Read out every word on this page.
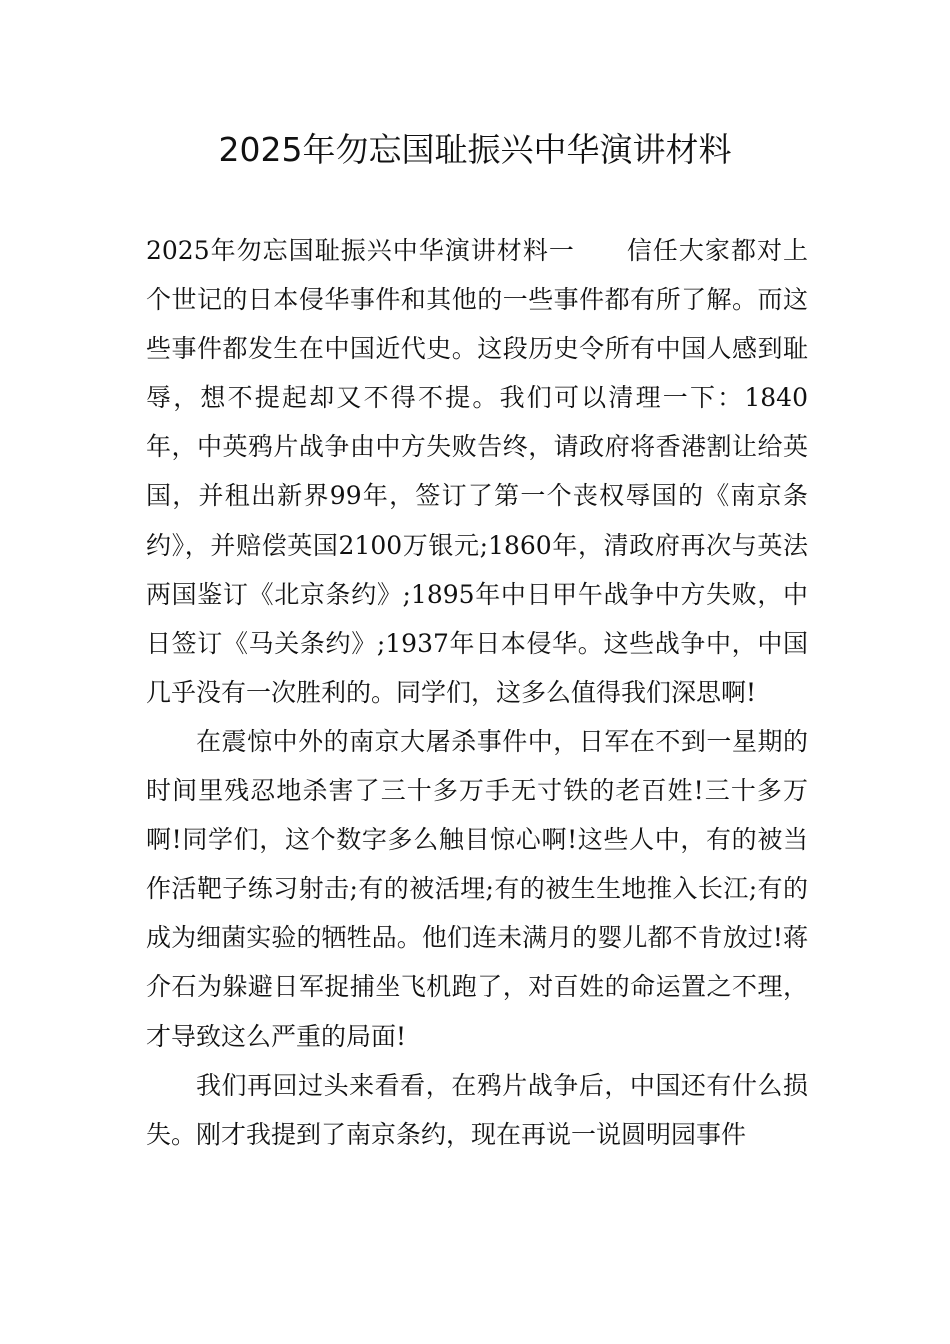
2025年勿忘国耻振兴中华演讲材料

2025年勿忘国耻振兴中华演讲材料一　　信任大家都对上个世记的日本侵华事件和其他的一些事件都有所了解。而这些事件都发生在中国近代史。这段历史令所有中国人感到耻辱，想不提起却又不得不提。我们可以清理一下：1840年，中英鸦片战争由中方失败告终，请政府将香港割让给英国，并租出新界99年，签订了第一个丧权辱国的《南京条约》，并赔偿英国2100万银元;1860年，清政府再次与英法两国鉴订《北京条约》;1895年中日甲午战争中方失败，中日签订《马关条约》;1937年日本侵华。这些战争中，中国几乎没有一次胜利的。同学们，这多么值得我们深思啊!

在震惊中外的南京大屠杀事件中，日军在不到一星期的时间里残忍地杀害了三十多万手无寸铁的老百姓!三十多万啊!同学们，这个数字多么触目惊心啊!这些人中，有的被当作活靶子练习射击;有的被活埋;有的被生生地推入长江;有的成为细菌实验的牺牲品。他们连未满月的婴儿都不肯放过!蒋介石为躲避日军捉捕坐飞机跑了，对百姓的命运置之不理，才导致这么严重的局面!

我们再回过头来看看，在鸦片战争后，中国还有什么损失。刚才我提到了南京条约，现在再说一说圆明园事件
